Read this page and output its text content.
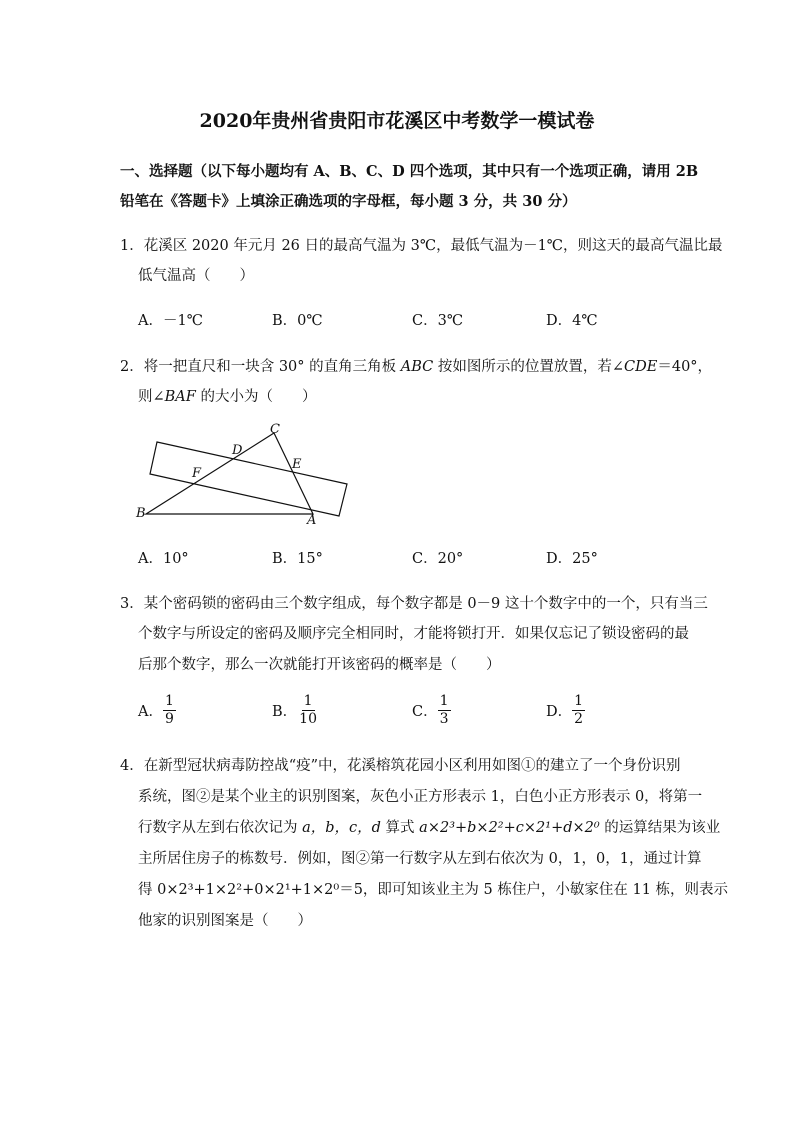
2020年贵州省贵阳市花溪区中考数学一模试卷
一、选择题（以下每小题均有 A、B、C、D 四个选项，其中只有一个选项正确，请用 2B
铅笔在《答题卡》上填涂正确选项的字母框，每小题 3 分，共 30 分）
1．花溪区 2020 年元月 26 日的最高气温为 3℃，最低气温为－1℃，则这天的最高气温比最
低气温高（　　）
A．－1℃	B．0℃	C．3℃	D．4℃
2．将一把直尺和一块含 30° 的直角三角板 ABC 按如图所示的位置放置，若∠CDE＝40°，
则∠BAF 的大小为（　　）
C
D
E
F
B	A
A．10°	B．15°	C．20°	D．25°
3．某个密码锁的密码由三个数字组成，每个数字都是 0－9 这十个数字中的一个，只有当三
个数字与所设定的密码及顺序完全相同时，才能将锁打开．如果仅忘记了锁设密码的最
后那个数字，那么一次就能打开该密码的概率是（　　）
A． $\frac{1}{9}$	B． $\frac{1}{10}$	C． $\frac{1}{3}$	D． $\frac{1}{2}$
4．在新型冠状病毒防控战“疫”中，花溪榕筑花园小区利用如图①的建立了一个身份识别
系统，图②是某个业主的识别图案，灰色小正方形表示 1，白色小正方形表示 0，将第一
行数字从左到右依次记为 a，b，c，d 算式 a×2³+b×2²+c×2¹+d×2⁰ 的运算结果为该业
主所居住房子的栋数号．例如，图②第一行数字从左到右依次为 0，1，0，1，通过计算
得 0×2³+1×2²+0×2¹+1×2⁰＝5，即可知该业主为 5 栋住户，小敏家住在 11 栋，则表示
他家的识别图案是（　　）
